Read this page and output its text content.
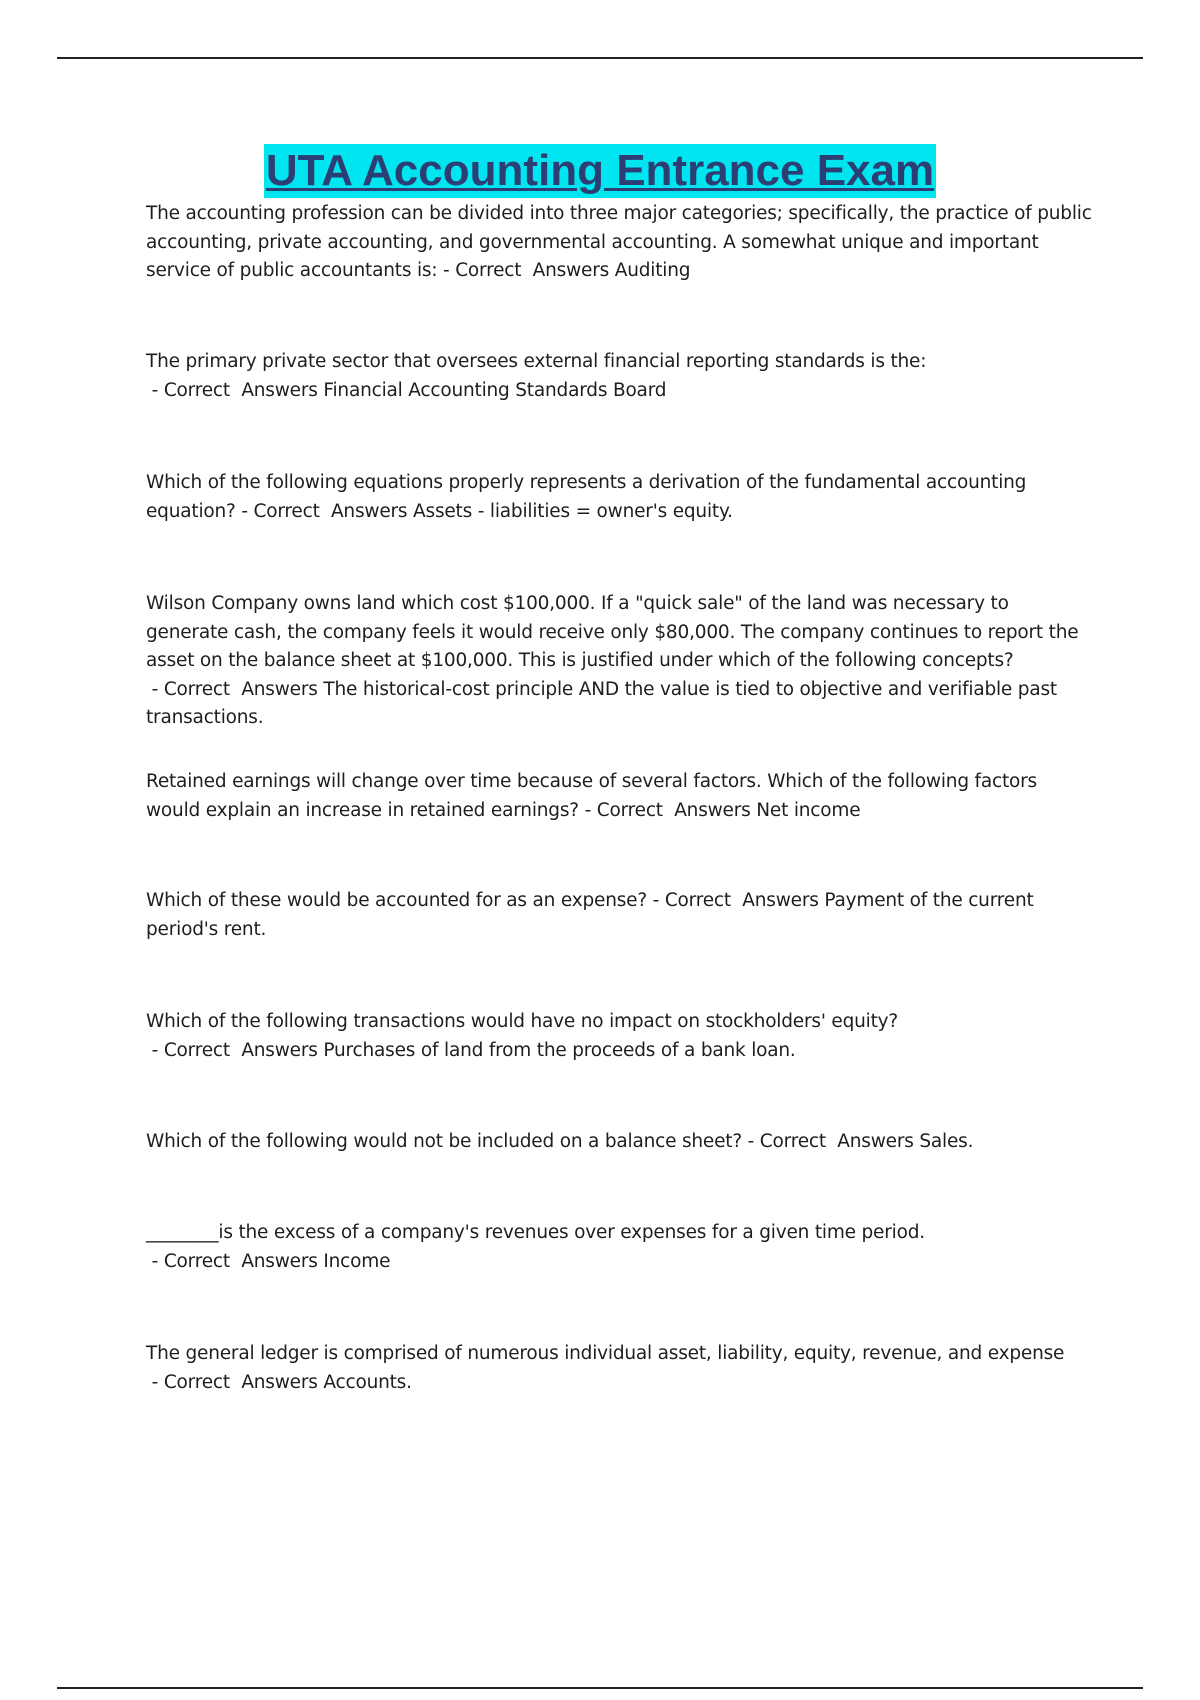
UTA Accounting Entrance Exam

The accounting profession can be divided into three major categories; specifically, the practice of public accounting, private accounting, and governmental accounting. A somewhat unique and important service of public accountants is: - Correct  Answers Auditing

The primary private sector that oversees external financial reporting standards is the: - Correct  Answers Financial Accounting Standards Board

Which of the following equations properly represents a derivation of the fundamental accounting equation? - Correct  Answers Assets - liabilities = owner's equity.

Wilson Company owns land which cost $100,000. If a "quick sale" of the land was necessary to generate cash, the company feels it would receive only $80,000. The company continues to report the asset on the balance sheet at $100,000. This is justified under which of the following concepts? - Correct  Answers The historical-cost principle AND the value is tied to objective and verifiable past transactions.

Retained earnings will change over time because of several factors. Which of the following factors would explain an increase in retained earnings? - Correct  Answers Net income

Which of these would be accounted for as an expense? - Correct  Answers Payment of the current period's rent.

Which of the following transactions would have no impact on stockholders' equity? - Correct  Answers Purchases of land from the proceeds of a bank loan.

Which of the following would not be included on a balance sheet? - Correct  Answers Sales.

________is the excess of a company's revenues over expenses for a given time period. - Correct  Answers Income

The general ledger is comprised of numerous individual asset, liability, equity, revenue, and expense - Correct  Answers Accounts.
